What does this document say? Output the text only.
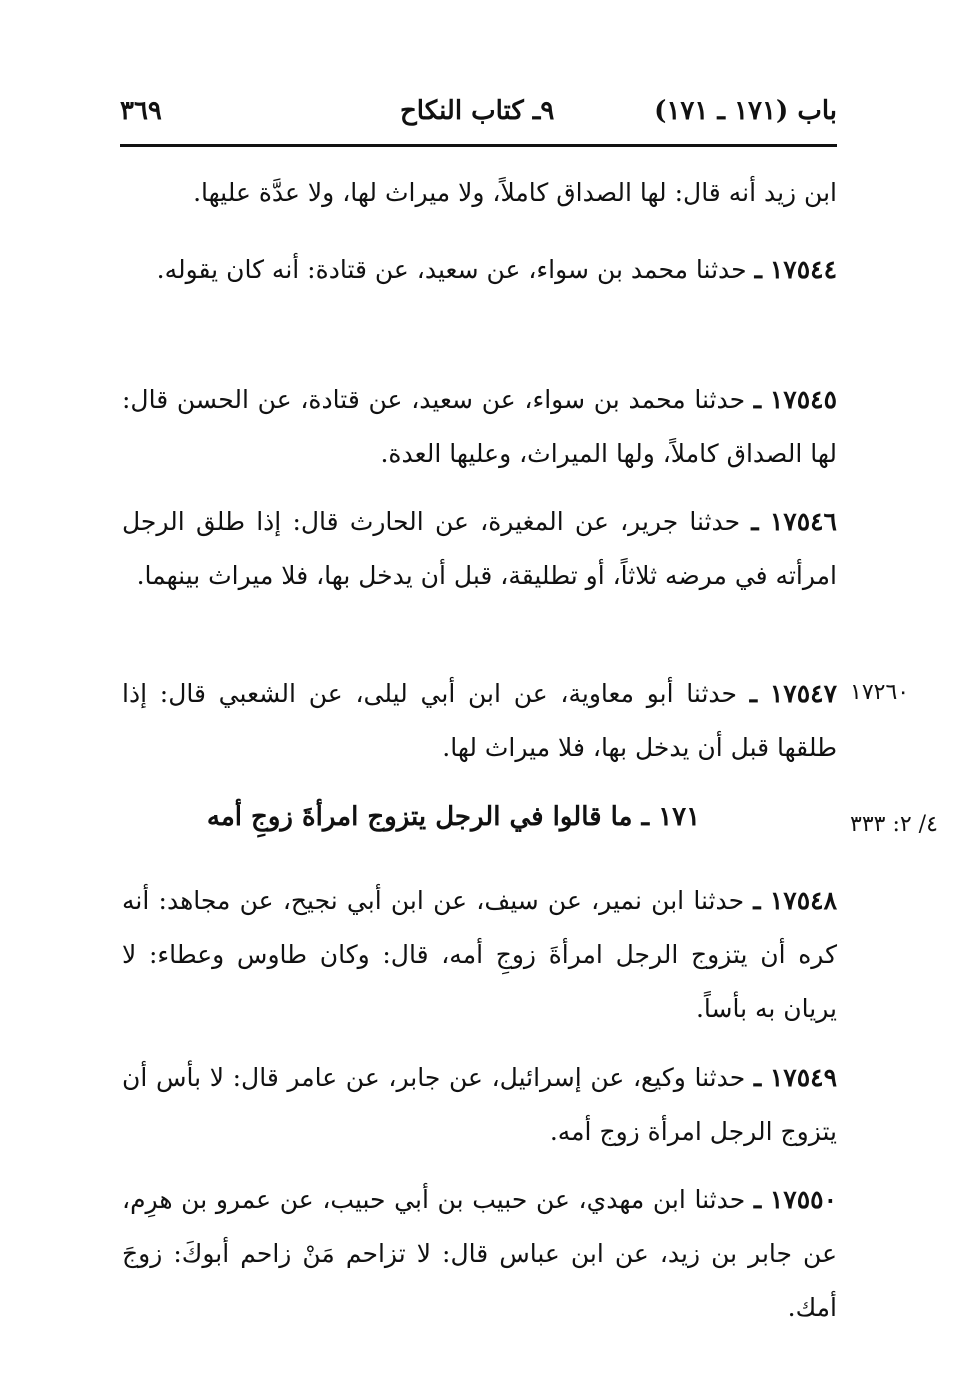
باب (١٧١ ـ ١٧١)
٩ـ كتاب النكاح
٣٦٩
ابن زيد أنه قال: لها الصداق كاملاً، ولا ميراث لها، ولا عدَّة عليها.
١٧٥٤٤ ـ حدثنا محمد بن سواء، عن سعيد، عن قتادة: أنه كان يقوله.
١٧٥٤٥ ـ حدثنا محمد بن سواء، عن سعيد، عن قتادة، عن الحسن قال: لها الصداق كاملاً، ولها الميراث، وعليها العدة.
١٧٥٤٦ ـ حدثنا جرير، عن المغيرة، عن الحارث قال: إذا طلق الرجل امرأته في مرضه ثلاثاً، أو تطليقة، قبل أن يدخل بها، فلا ميراث بينهما.
١٧٢٦٠
١٧٥٤٧ ـ حدثنا أبو معاوية، عن ابن أبي ليلى، عن الشعبي قال: إذا طلقها قبل أن يدخل بها، فلا ميراث لها.
٤/ ٢: ٣٣٣
١٧١ ـ ما قالوا في الرجل يتزوج امرأةَ زوجِ أمه
١٧٥٤٨ ـ حدثنا ابن نمير، عن سيف، عن ابن أبي نجيح، عن مجاهد: أنه كره أن يتزوج الرجل امرأةَ زوجِ أمه، قال: وكان طاوس وعطاء: لا يريان به بأساً.
١٧٥٤٩ ـ حدثنا وكيع، عن إسرائيل، عن جابر، عن عامر قال: لا بأس أن يتزوج الرجل امرأة زوج أمه.
١٧٥٥٠ ـ حدثنا ابن مهدي، عن حبيب بن أبي حبيب، عن عمرو بن هرِم، عن جابر بن زيد، عن ابن عباس قال: لا تزاحم مَنْ زاحم أبوكَ: زوجَ أمك.
